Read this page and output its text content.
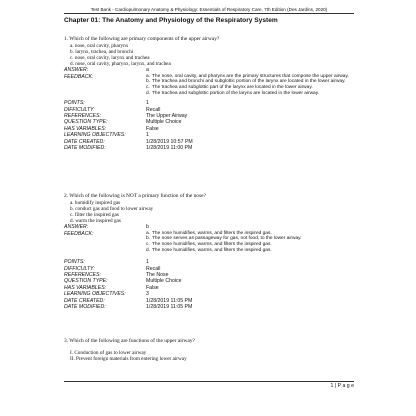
Test Bank - Cardiopulmonary Anatomy & Physiology: Essentials of Respiratory Care, 7th Edition (Des Jardins, 2020)
Chapter 01: The Anatomy and Physiology of the Respiratory System
1. Which of the following are primary components of the upper airway?
a. nose, oral cavity, pharynx
b. larynx, trachea, and bronchi
c. nose, oral cavity, larynx and trachea
d. nose, oral cavity, pharynx, larynx, and trachea
ANSWER:	a
FEEDBACK:	a. The nose, oral cavity, and pharynx are the primary structures that compose the upper airway.
b. The trachea and bronchi and subglottic portion of the larynx are located in the lower airway.
c. The trachea and subglottic part of the larynx are located in the lower airway.
d. The trachea and subglottic portion of the larynx are located in the lower airway.
POINTS:	1
DIFFICULTY:	Recall
REFERENCES:	The Upper Airway
QUESTION TYPE:	Multiple Choice
HAS VARIABLES:	False
LEARNING OBJECTIVES:	1
DATE CREATED:	1/28/2019 10:57 PM
DATE MODIFIED:	1/28/2019 11:00 PM
2. Which of the following is NOT a primary function of the nose?
a. humidify inspired gas
b. conduct gas and food to lower airway
c. filter the inspired gas
d. warm the inspired gas
ANSWER:	b
FEEDBACK:	a. The nose humidifies, warms, and filters the inspired gas.
b. The nose serves as passageway for gas, not food, to the lower airway.
c. The nose humidifies, warms, and filters the inspired gas.
d. The nose humidifies, warms, and filters the inspired gas.
POINTS:	1
DIFFICULTY:	Recall
REFERENCES:	The Nose
QUESTION TYPE:	Multiple Choice
HAS VARIABLES:	False
LEARNING OBJECTIVES:	3
DATE CREATED:	1/28/2019 11:05 PM
DATE MODIFIED:	1/28/2019 11:05 PM
3. Which of the following are functions of the upper airway?
I. Conduction of gas to lower airway
II. Prevent foreign materials from entering lower airway
1 | P a g e
